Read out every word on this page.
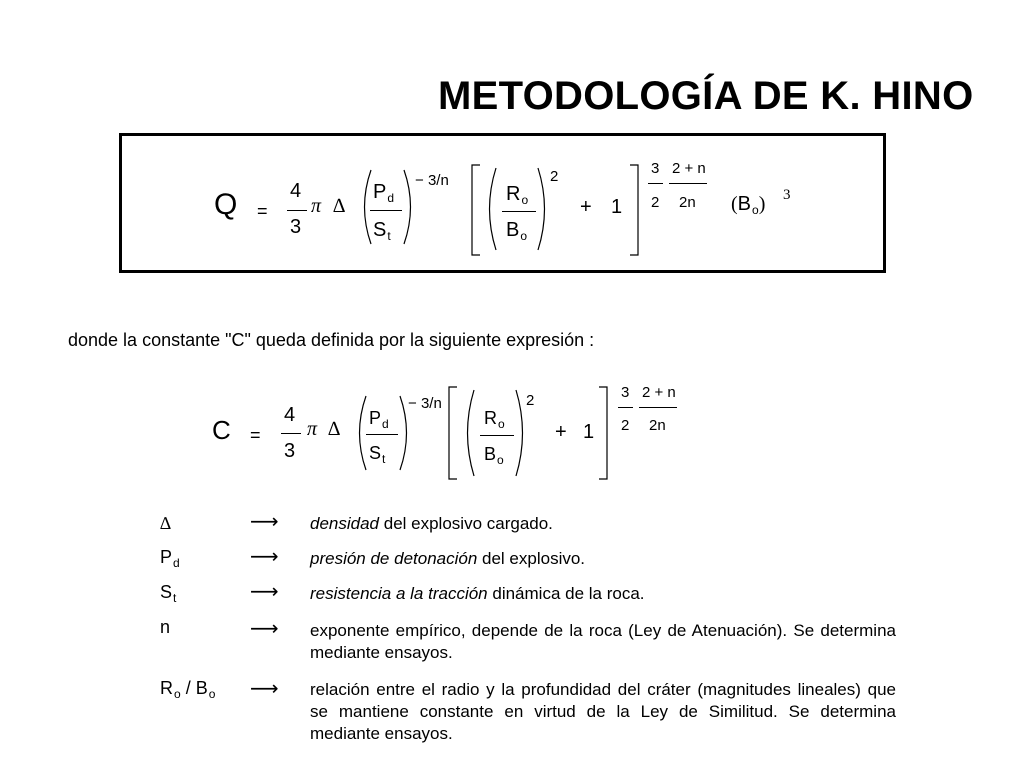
METODOLOGÍA DE K. HINO
Q =
4
3
π ∆
$P_d$
$S_t$
− 3/n
$R_o$
$B_o$
2
+ 1
3
2
2 + n
2n $(B_o)$ 3
donde la constante "C" queda definida por la siguiente expresión :
C =
4
3
π ∆ $P_d$
$S_t$
− 3/n
$R_o$
$B_o$
2
+ 1
3
2
2 + n
2n
∆	⟶ densidad del explosivo cargado.
$P_d$	⟶ presión de detonación del explosivo.
$S_t$	⟶ resistencia a la tracción dinámica de la roca.
n	⟶ exponente empírico, depende de la roca (Ley de Atenuación). Se determina mediante ensayos.
$R_o / B_o$ ⟶ relación entre el radio y la profundidad del cráter (magnitudes lineales) que se mantiene constante en virtud de la Ley de Similitud. Se determina mediante ensayos.
